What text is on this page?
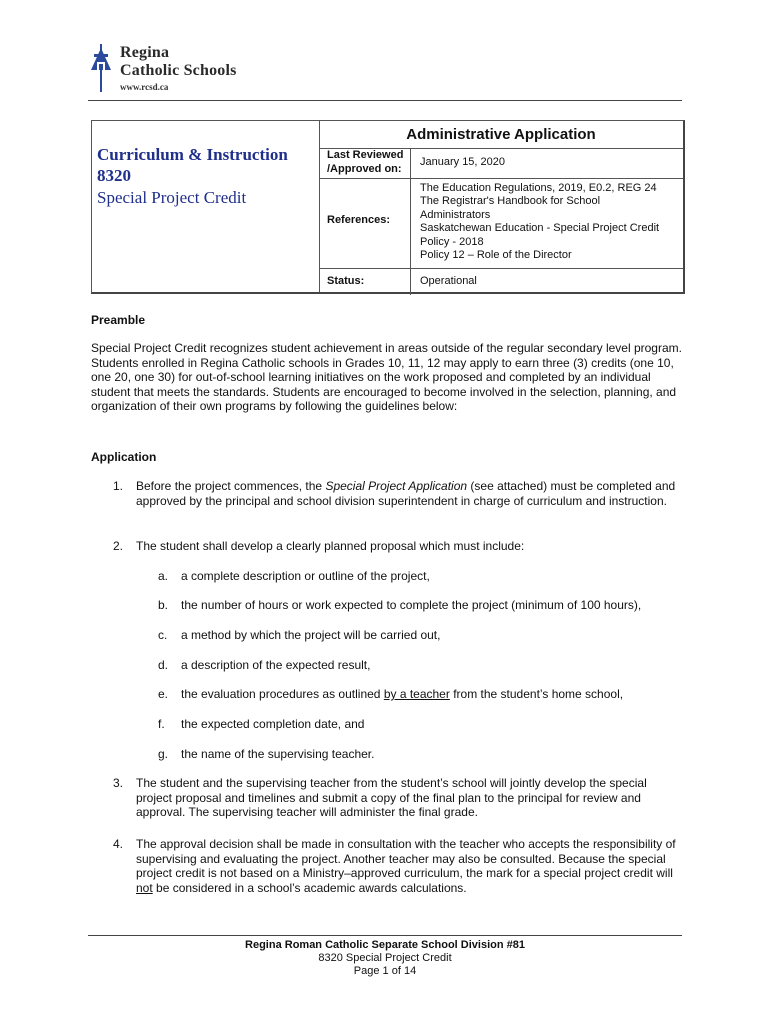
Regina
Catholic Schools
www.rcsd.ca
Curriculum & Instruction
8320
Special Project Credit
Administrative Application
Last Reviewed
/Approved on:
January 15, 2020
References:
The Education Regulations, 2019, E0.2, REG 24
The Registrar's Handbook for School
Administrators
Saskatchewan Education - Special Project Credit
Policy - 2018
Policy 12 – Role of the Director
Status:	Operational
Preamble
Special Project Credit recognizes student achievement in areas outside of the regular secondary level program. Students enrolled in Regina Catholic schools in Grades 10, 11, 12 may apply to earn three (3) credits (one 10, one 20, one 30) for out-of-school learning initiatives on the work proposed and completed by an individual student that meets the standards. Students are encouraged to become involved in the selection, planning, and organization of their own programs by following the guidelines below:
Application
1. Before the project commences, the Special Project Application (see attached) must be completed and approved by the principal and school division superintendent in charge of curriculum and instruction.
2. The student shall develop a clearly planned proposal which must include:
a. a complete description or outline of the project,
b. the number of hours or work expected to complete the project (minimum of 100 hours),
c. a method by which the project will be carried out,
d. a description of the expected result,
e. the evaluation procedures as outlined by a teacher from the student’s home school,
f. the expected completion date, and
g. the name of the supervising teacher.
3. The student and the supervising teacher from the student’s school will jointly develop the special project proposal and timelines and submit a copy of the final plan to the principal for review and approval. The supervising teacher will administer the final grade.
4. The approval decision shall be made in consultation with the teacher who accepts the responsibility of supervising and evaluating the project. Another teacher may also be consulted. Because the special project credit is not based on a Ministry–approved curriculum, the mark for a special project credit will not be considered in a school’s academic awards calculations.
Regina Roman Catholic Separate School Division #81
8320 Special Project Credit
Page 1 of 14
